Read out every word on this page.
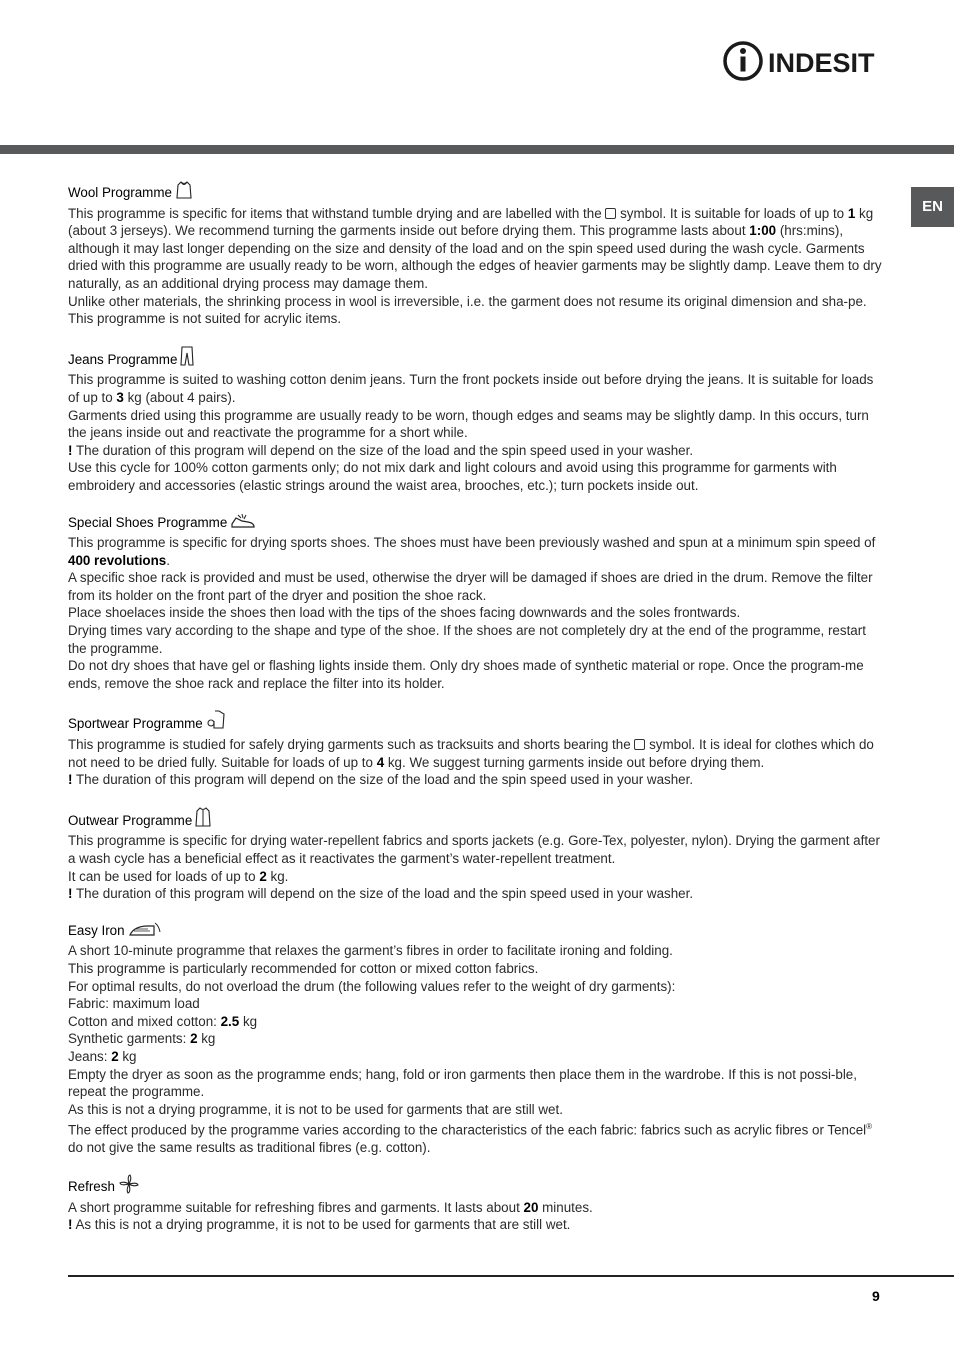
INDESIT
EN
Wool Programme

This programme is specific for items that withstand tumble drying and are labelled with the  symbol. It is suitable for loads of up to 1 kg (about 3 jerseys). We recommend turning the garments inside out before drying them. This programme lasts about 1:00 (hrs:mins), although it may last longer depending on the size and density of the load and on the spin speed used during the wash cycle. Garments dried with this programme are usually ready to be worn, although the edges of heavier garments may be slightly damp. Leave them to dry naturally, as an additional drying process may damage them.

Unlike other materials, the shrinking process in wool is irreversible, i.e. the garment does not resume its original dimension and sha-pe. This programme is not suited for acrylic items.

Jeans Programme

This programme is suited to washing cotton denim jeans. Turn the front pockets inside out before drying the jeans. It is suitable for loads of up to 3 kg (about 4 pairs).

Garments dried using this programme are usually ready to be worn, though edges and seams may be slightly damp. In this occurs, turn the jeans inside out and reactivate the programme for a short while.

! The duration of this program will depend on the size of the load and the spin speed used in your washer.

Use this cycle for 100% cotton garments only; do not mix dark and light colours and avoid using this programme for garments with embroidery and accessories (elastic strings around the waist area, brooches, etc.); turn pockets inside out.

Special Shoes Programme

This programme is specific for drying sports shoes. The shoes must have been previously washed and spun at a minimum spin speed of 400 revolutions.

A specific shoe rack is provided and must be used, otherwise the dryer will be damaged if shoes are dried in the drum. Remove the filter from its holder on the front part of the dryer and position the shoe rack.

Place shoelaces inside the shoes then load with the tips of the shoes facing downwards and the soles frontwards.

Drying times vary according to the shape and type of the shoe. If the shoes are not completely dry at the end of the programme, restart the programme.

Do not dry shoes that have gel or flashing lights inside them. Only dry shoes made of synthetic material or rope. Once the program-me ends, remove the shoe rack and replace the filter into its holder.

Sportwear Programme

This programme is studied for safely drying garments such as tracksuits and shorts bearing the  symbol. It is ideal for clothes which do not need to be dried fully. Suitable for loads of up to 4 kg. We suggest turning garments inside out before drying them.

! The duration of this program will depend on the size of the load and the spin speed used in your washer.

Outwear Programme

This programme is specific for drying water-repellent fabrics and sports jackets (e.g. Gore-Tex, polyester, nylon). Drying the garment after a wash cycle has a beneficial effect as it reactivates the garment’s water-repellent treatment.

It can be used for loads of up to 2 kg.

! The duration of this program will depend on the size of the load and the spin speed used in your washer.

Easy Iron

A short 10-minute programme that relaxes the garment’s fibres in order to facilitate ironing and folding.

This programme is particularly recommended for cotton or mixed cotton fabrics.

For optimal results, do not overload the drum (the following values refer to the weight of dry garments):

Fabric: maximum load

Cotton and mixed cotton: 2.5 kg

Synthetic garments: 2 kg

Jeans: 2 kg

Empty the dryer as soon as the programme ends; hang, fold or iron garments then place them in the wardrobe. If this is not possi-ble, repeat the programme.

As this is not a drying programme, it is not to be used for garments that are still wet.

The effect produced by the programme varies according to the characteristics of the each fabric: fabrics such as acrylic fibres or Tencel® do not give the same results as traditional fibres (e.g. cotton).

Refresh

A short programme suitable for refreshing fibres and garments. It lasts about 20 minutes.

! As this is not a drying programme, it is not to be used for garments that are still wet.

9
